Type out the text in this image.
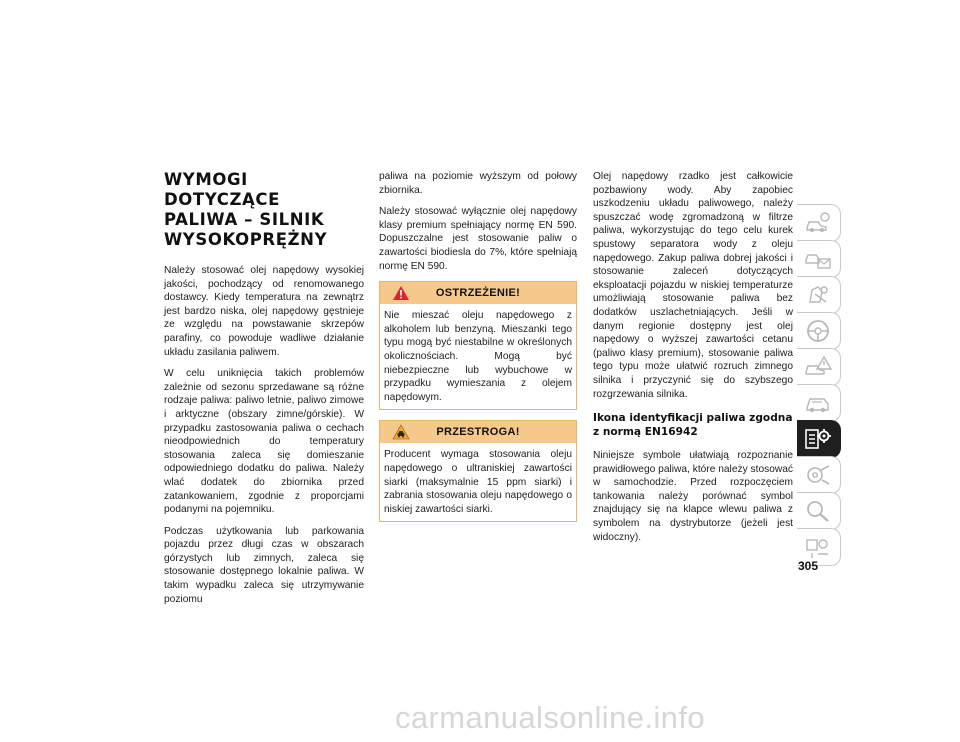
WYMOGI DOTYCZĄCE
PALIWA – SILNIK
WYSOKOPRĘŻNY

Należy stosować olej napędowy wysokiej jakości, pochodzący od renomowanego dostawcy. Kiedy temperatura na zewnątrz jest bardzo niska, olej napędowy gęstnieje ze względu na powstawanie skrzepów parafiny, co powoduje wadliwe działanie układu zasilania paliwem.

W celu uniknięcia takich problemów zależnie od sezonu sprzedawane są różne rodzaje paliwa: paliwo letnie, paliwo zimowe i arktyczne (obszary zimne/górskie). W przypadku zastosowania paliwa o cechach nieodpowiednich do temperatury stosowania zaleca się domieszanie odpowiedniego dodatku do paliwa. Należy wlać dodatek do zbiornika przed zatankowaniem, zgodnie z proporcjami podanymi na pojemniku.

Podczas użytkowania lub parkowania pojazdu przez długi czas w obszarach górzystych lub zimnych, zaleca się stosowanie dostępnego lokalnie paliwa. W takim wypadku zaleca się utrzymywanie poziomu

paliwa na poziomie wyższym od połowy zbiornika.

Należy stosować wyłącznie olej napędowy klasy premium spełniający normę EN 590. Dopuszczalne jest stosowanie paliw o zawartości biodiesla do 7%, które spełniają normę EN 590.

OSTRZEŻENIE!
Nie mieszać oleju napędowego z alkoholem lub benzyną. Mieszanki tego typu mogą być niestabilne w określonych okolicznościach. Mogą być niebezpieczne lub wybuchowe w przypadku wymieszania z olejem napędowym.
PRZESTROGA!
Producent wymaga stosowania oleju napędowego o ultraniskiej zawartości siarki (maksymalnie 15 ppm siarki) i zabrania stosowania oleju napędowego o niskiej zawartości siarki.

Olej napędowy rzadko jest całkowicie pozbawiony wody. Aby zapobiec uszkodzeniu układu paliwowego, należy spuszczać wodę zgromadzoną w filtrze paliwa, wykorzystując do tego celu kurek spustowy separatora wody z oleju napędowego. Zakup paliwa dobrej jakości i stosowanie zaleceń dotyczących eksploatacji pojazdu w niskiej temperaturze umożliwiają stosowanie paliwa bez dodatków uszlachetniających. Jeśli w danym regionie dostępny jest olej napędowy o wyższej zawartości cetanu (paliwo klasy premium), stosowanie paliwa tego typu może ułatwić rozruch zimnego silnika i przyczynić się do szybszego rozgrzewania silnika.

Ikona identyfikacji paliwa zgodna z normą EN16942

Niniejsze symbole ułatwiają rozpoznanie prawidłowego paliwa, które należy stosować w samochodzie. Przed rozpoczęciem tankowania należy porównać symbol znajdujący się na klapce wlewu paliwa z symbolem na dystrybutorze (jeżeli jest widoczny).

305
carmanualsonline.info
